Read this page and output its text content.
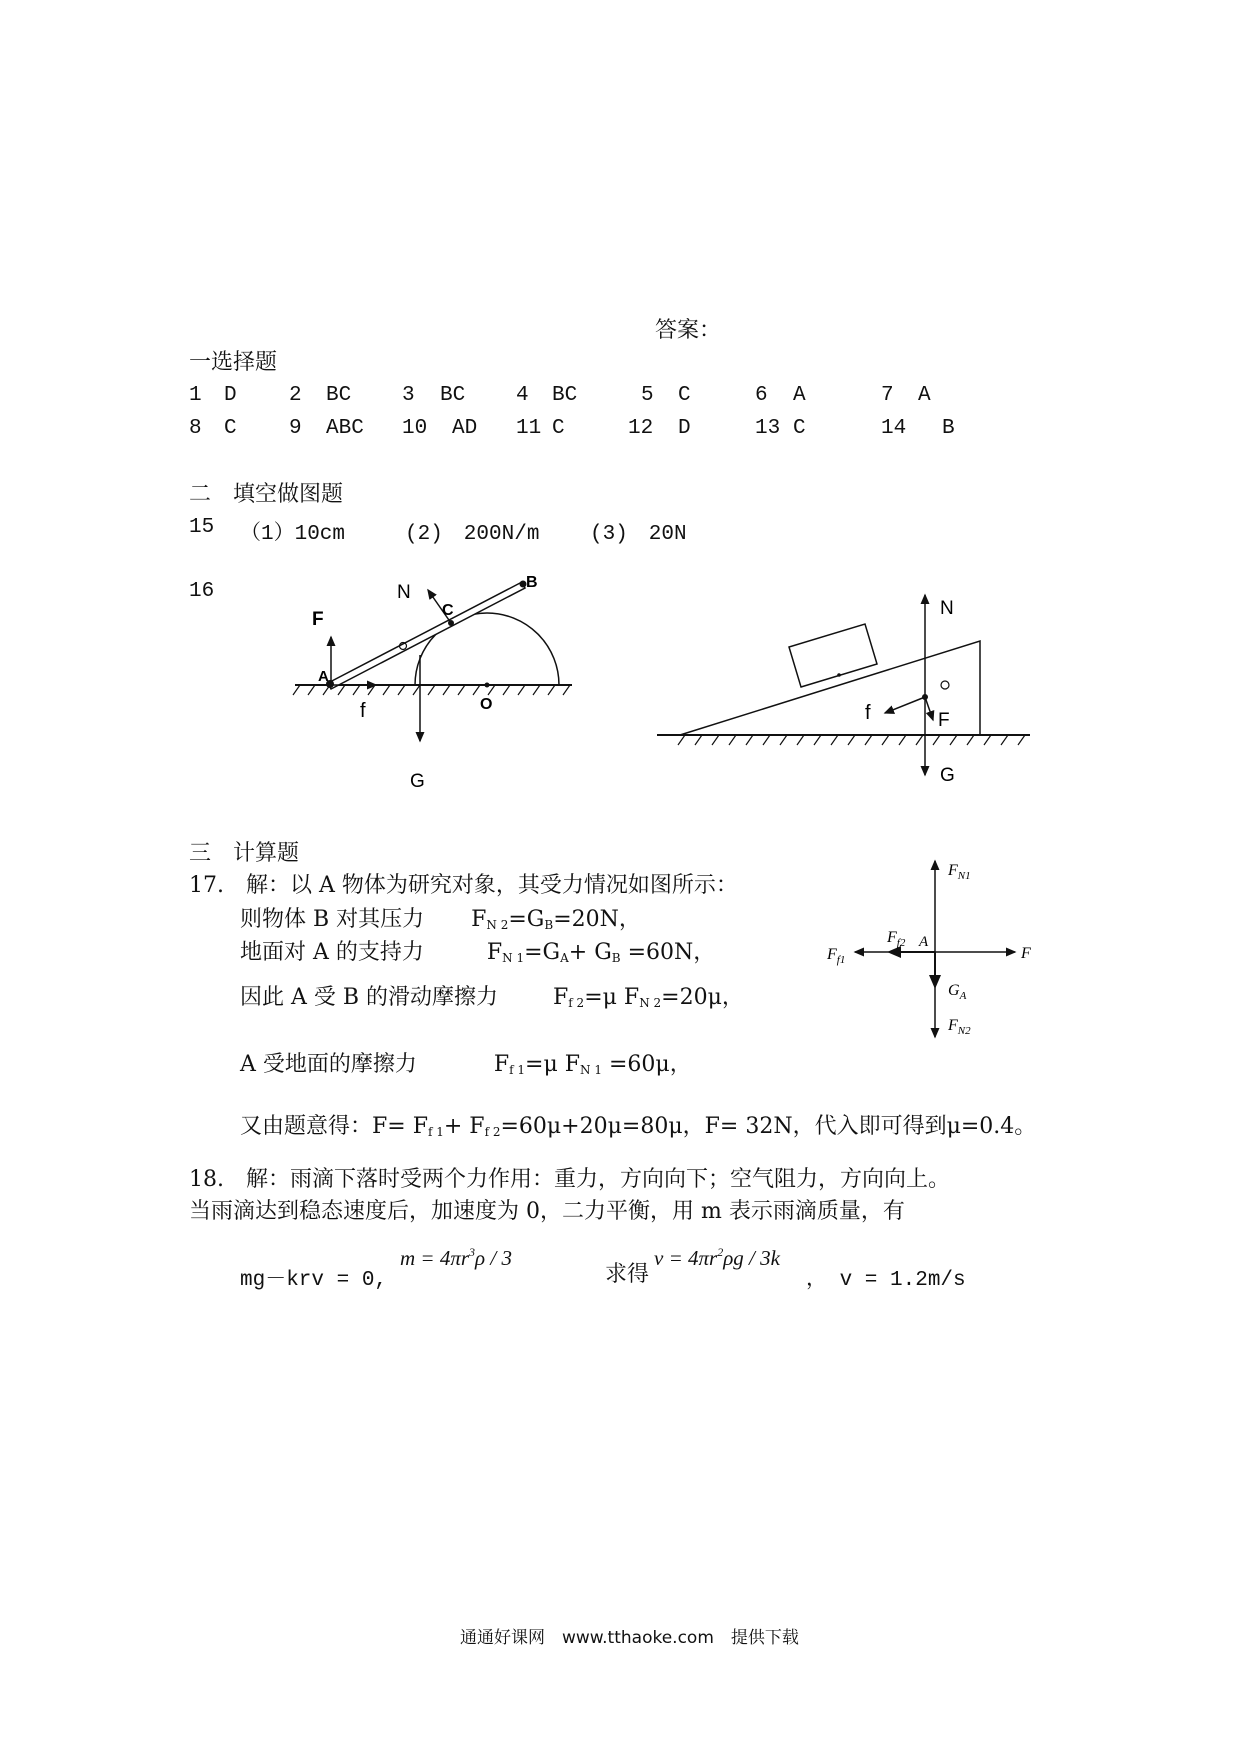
答案：
一选择题
1 D 2 BC 3 BC 4 BC	5 C	6 A	7 A
8 C 9 ABC 10 AD 11 C	12 D	13 C	14 B
二　填空做图题
15 （1）10cm	(2)　200N/m (3)　20N
16
F
N	B
C
A
f	O
G
N
f	F
G
三　计算题
17.　解：以 A 物体为研究对象，其受力情况如图所示：
则物体 B 对其压力 $F_{N 2}=G_B=20N$，
地面对 A 的支持力	$F_{N 1}=G_A+ G_B =60N$，
因此 A 受 B 的滑动摩擦力	$F_{f 2}=\mu$ $F_{N 2}=20\mu$，
A 受地面的摩擦力	$F_{f 1}=\mu$ $F_{N 1} =60\mu$，
又由题意得：$F= F_{f 1}+ F_{f 2}=60\mu+20\mu=80\mu$，F= 32N，代入即可得到μ=0.4。
$F_{N1}$
$F_{f2}$ A
$F_{f1}$	F
$G_A$
$F_{N2}$
18.　解：雨滴下落时受两个力作用：重力，方向向下；空气阻力，方向向上。
当雨滴达到稳态速度后，加速度为 0，二力平衡，用 m 表示雨滴质量，有
mg－krv = 0,
$m = 4\pi r^3\rho / 3$
求得
$v = 4\pi r^2\rho g / 3k$
， v = 1.2m/s
通通好课网　www.tthaoke.com　提供下载
